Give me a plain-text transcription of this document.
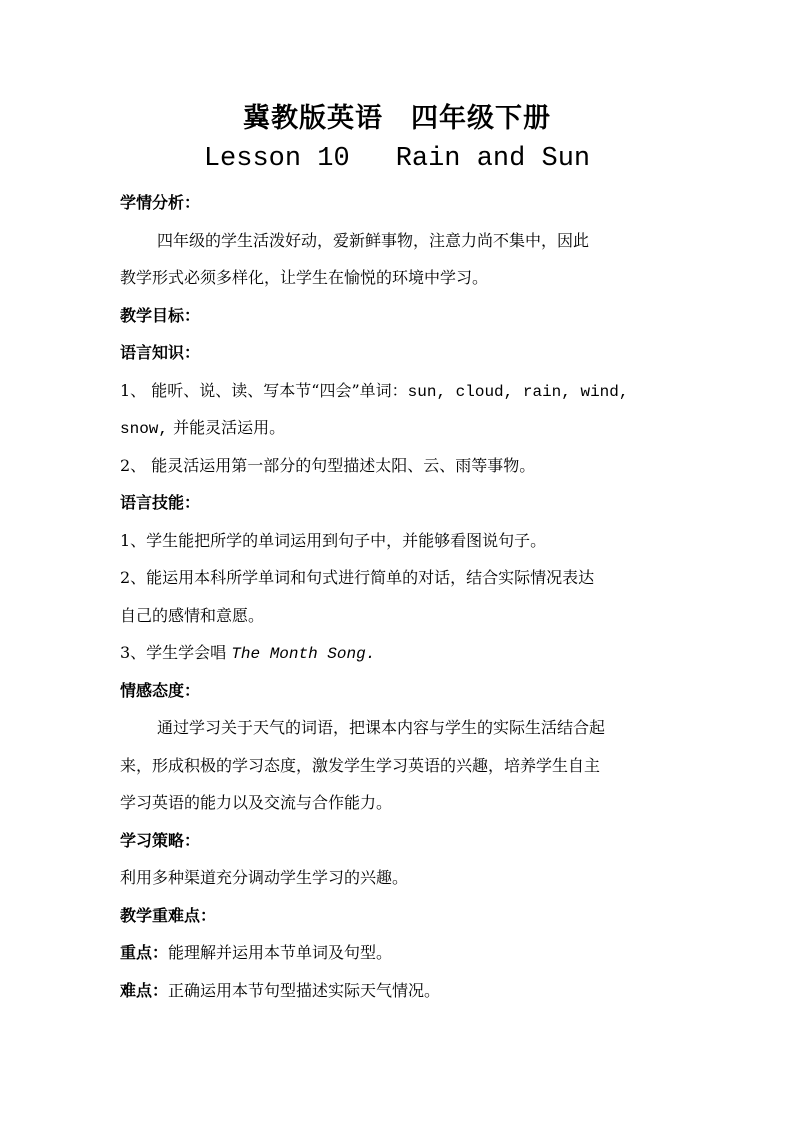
冀教版英语 四年级下册
Lesson 10 Rain and Sun
学情分析：
四年级的学生活泼好动，爱新鲜事物，注意力尚不集中，因此
教学形式必须多样化，让学生在愉悦的环境中学习。
教学目标：
语言知识：
1、 能听、说、读、写本节“四会”单词：sun, cloud, rain, wind,
snow, 并能灵活运用。
2、 能灵活运用第一部分的句型描述太阳、云、雨等事物。
语言技能：
1、学生能把所学的单词运用到句子中，并能够看图说句子。
2、能运用本科所学单词和句式进行简单的对话，结合实际情况表达
自己的感情和意愿。
3、学生学会唱 The Month Song.
情感态度：
通过学习关于天气的词语，把课本内容与学生的实际生活结合起
来，形成积极的学习态度，激发学生学习英语的兴趣，培养学生自主
学习英语的能力以及交流与合作能力。
学习策略：
利用多种渠道充分调动学生学习的兴趣。
教学重难点：
重点：能理解并运用本节单词及句型。
难点：正确运用本节句型描述实际天气情况。
